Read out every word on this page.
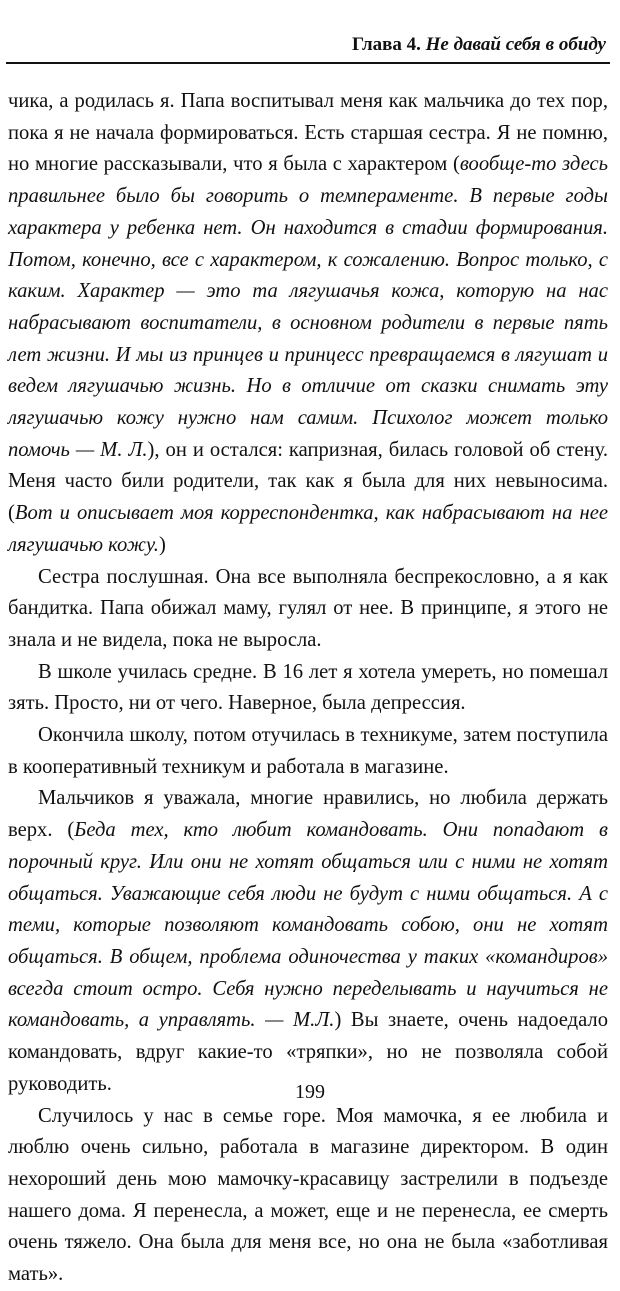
Глава 4. Не давай себя в обиду

чика, а родилась я. Папа воспитывал меня как мальчика до тех пор, пока я не начала формироваться. Есть старшая сестра. Я не помню, но многие рассказывали, что я была с характером (вообще-то здесь правильнее было бы говорить о темпераменте. В первые годы характера у ребенка нет. Он находится в стадии формирования. Потом, конечно, все с характером, к сожалению. Вопрос только, с каким. Характер — это та лягушачья кожа, которую на нас набрасывают воспитатели, в основном родители в первые пять лет жизни. И мы из принцев и принцесс превращаемся в лягушат и ведем лягушачью жизнь. Но в отличие от сказки снимать эту лягушачью кожу нужно нам самим. Психолог может только помочь — М. Л.), он и остался: капризная, билась головой об стену. Меня часто били родители, так как я была для них невыносима. (Вот и описывает моя корреспондентка, как набрасывают на нее лягушачью кожу.)

Сестра послушная. Она все выполняла беспрекословно, а я как бандитка. Папа обижал маму, гулял от нее. В принципе, я этого не знала и не видела, пока не выросла.

В школе училась средне. В 16 лет я хотела умереть, но помешал зять. Просто, ни от чего. Наверное, была депрессия.

Окончила школу, потом отучилась в техникуме, затем поступила в кооперативный техникум и работала в магазине.

Мальчиков я уважала, многие нравились, но любила держать верх. (Беда тех, кто любит командовать. Они попадают в порочный круг. Или они не хотят общаться или с ними не хотят общаться. Уважающие себя люди не будут с ними общаться. А с теми, которые позволяют командовать собою, они не хотят общаться. В общем, проблема одиночества у таких «командиров» всегда стоит остро. Себя нужно переделывать и научиться не командовать, а управлять. — М.Л.) Вы знаете, очень надоедало командовать, вдруг какие-то «тряпки», но не позволяла собой руководить.

Случилось у нас в семье горе. Моя мамочка, я ее любила и люблю очень сильно, работала в магазине директором. В один нехороший день мою мамочку-красавицу застрелили в подъезде нашего дома. Я перенесла, а может, еще и не перенесла, ее смерть очень тяжело. Она была для меня все, но она не была «заботливая мать».

199
